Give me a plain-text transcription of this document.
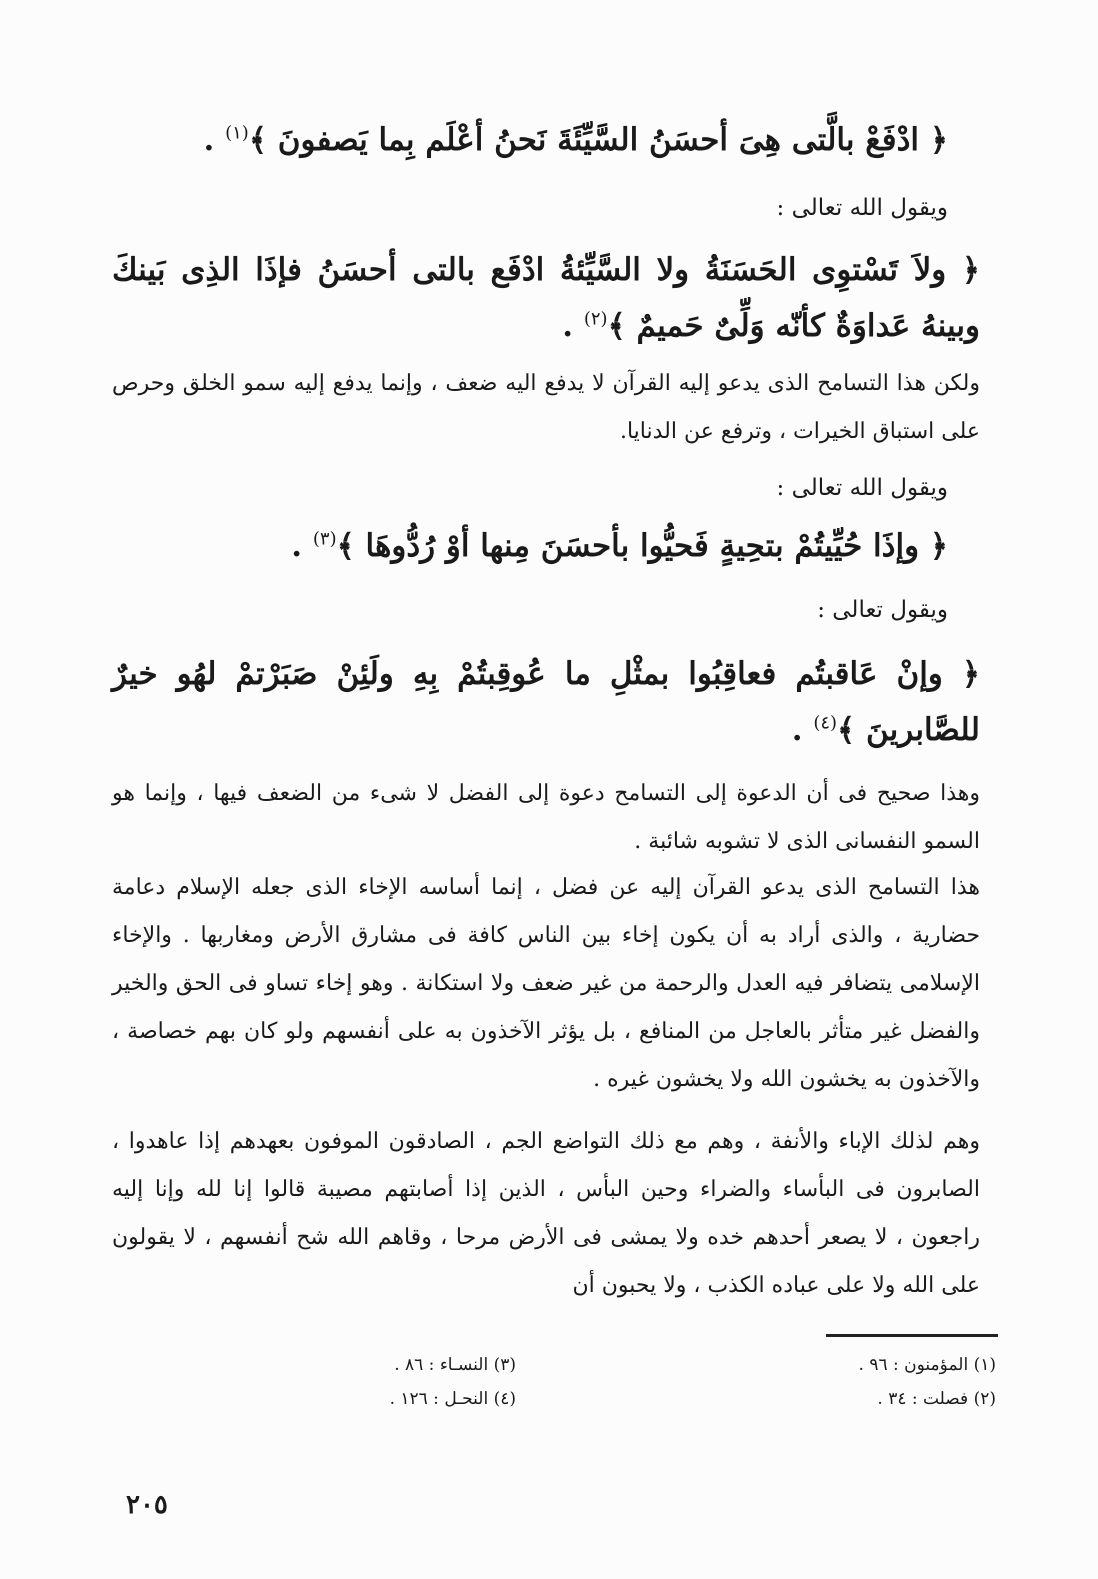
﴿ ادْفَعْ بالَّتى هِىَ أحسَنُ السَّيِّئَةَ نَحنُ أعْلَم بِما يَصفونَ ﴾$^{(١)}$ .
ويقول الله تعالى :
﴿ ولاَ تَسْتوِى الحَسَنَةُ ولا السَّيِّئةُ ادْفَع بالتى أحسَنُ فإذَا الذِى بَينكَ وبينهُ عَداوَةٌ كأنّه وَلِّىٌ حَميمٌ ﴾$^{(٢)}$ .
ولكن هذا التسامح الذى يدعو إليه القرآن لا يدفع اليه ضعف ، وإنما يدفع إليه سمو الخلق وحرص على استباق الخيرات ، وترفع عن الدنايا.
ويقول الله تعالى :
﴿ وإذَا حُيِّيتُمْ بتحِيةٍ فَحيُّوا بأحسَنَ مِنها أوْ رُدُّوهَا ﴾$^{(٣)}$ .
ويقول تعالى :
﴿ وإنْ عَاقبتُم فعاقِبُوا بمثْلِ ما عُوقِبتُمْ بِهِ ولَئِنْ صَبَرْتمْ لهُو خيرٌ للصَّابرينَ ﴾$^{(٤)}$ .
وهذا صحيح فى أن الدعوة إلى التسامح دعوة إلى الفضل لا شىء من الضعف فيها ، وإنما هو السمو النفسانى الذى لا تشوبه شائبة .
هذا التسامح الذى يدعو القرآن إليه عن فضل ، إنما أساسه الإخاء الذى جعله الإسلام دعامة حضارية ، والذى أراد به أن يكون إخاء بين الناس كافة فى مشارق الأرض ومغاربها . والإخاء الإسلامى يتضافر فيه العدل والرحمة من غير ضعف ولا استكانة . وهو إخاء تساو فى الحق والخير والفضل غير متأثر بالعاجل من المنافع ، بل يؤثر الآخذون به على أنفسهم ولو كان بهم خصاصة ، والآخذون به يخشون الله ولا يخشون غيره .
وهم لذلك الإباء والأنفة ، وهم مع ذلك التواضع الجم ، الصادقون الموفون بعهدهم إذا عاهدوا ، الصابرون فى البأساء والضراء وحين البأس ، الذين إذا أصابتهم مصيبة قالوا إنا لله وإنا إليه راجعون ، لا يصعر أحدهم خده ولا يمشى فى الأرض مرحا ، وقاهم الله شح أنفسهم ، لا يقولون على الله ولا على عباده الكذب ، ولا يحبون أن
(١) المؤمنون : ٩٦ .
(٢) فصلت : ٣٤ .
(٣) النسـاء : ٨٦ .
(٤) النحـل : ١٢٦ .
٢٠٥
